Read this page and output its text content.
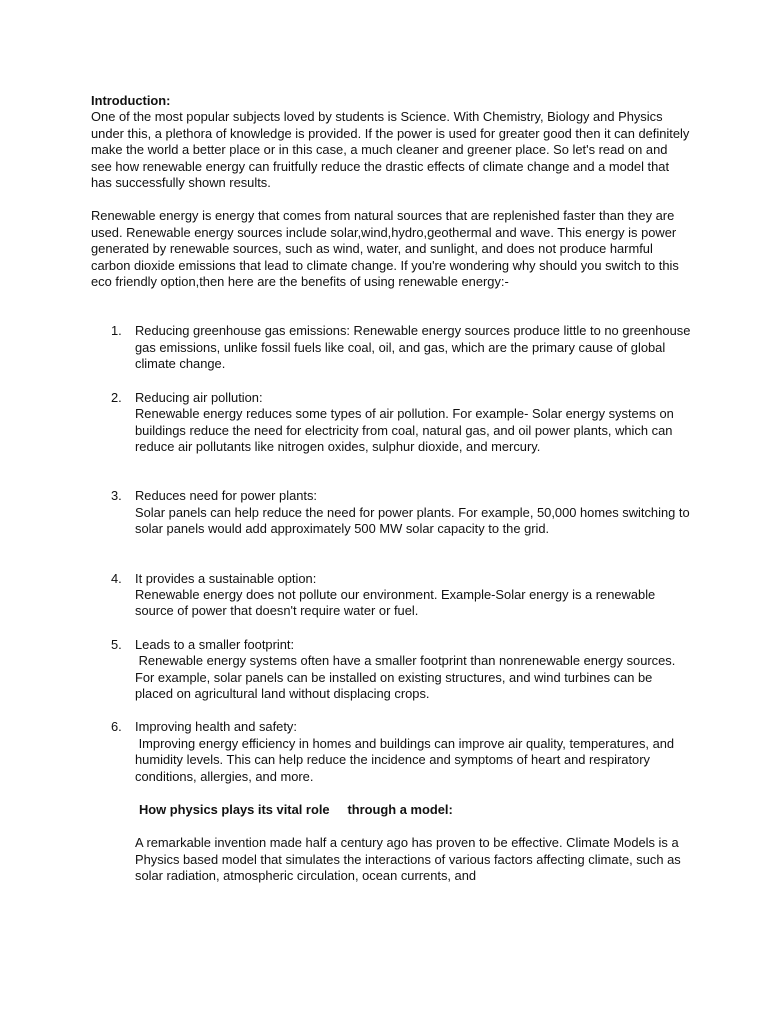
Introduction:

One of the most popular subjects loved by students is Science. With Chemistry, Biology and Physics under this, a plethora of knowledge is provided. If the power is used for greater good then it can definitely make the world a better place or in this case, a much cleaner and greener place. So let's read on and see how renewable energy can fruitfully reduce the drastic effects of climate change and a model that has successfully shown results.

Renewable energy is energy that comes from natural sources that are replenished faster than they are used. Renewable energy sources include solar,wind,hydro,geothermal and wave. This energy is power generated by renewable sources, such as wind, water, and sunlight, and does not produce harmful carbon dioxide emissions that lead to climate change. If you're wondering why should you switch to this eco friendly option,then here are the benefits of using renewable energy:-

1. Reducing greenhouse gas emissions: Renewable energy sources produce little to no greenhouse gas emissions, unlike fossil fuels like coal, oil, and gas, which are the primary cause of global climate change.
2. Reducing air pollution:
Renewable energy reduces some types of air pollution. For example- Solar energy systems on buildings reduce the need for electricity from coal, natural gas, and oil power plants, which can reduce air pollutants like nitrogen oxides, sulphur dioxide, and mercury.
3. Reduces need for power plants:
Solar panels can help reduce the need for power plants. For example, 50,000 homes switching to solar panels would add approximately 500 MW solar capacity to the grid.
4. It provides a sustainable option:
Renewable energy does not pollute our environment. Example-Solar energy is a renewable source of power that doesn't require water or fuel.
5. Leads to a smaller footprint:
Renewable energy systems often have a smaller footprint than nonrenewable energy sources. For example, solar panels can be installed on existing structures, and wind turbines can be placed on agricultural land without displacing crops.
6. Improving health and safety:
Improving energy efficiency in homes and buildings can improve air quality, temperatures, and humidity levels. This can help reduce the incidence and symptoms of heart and respiratory conditions, allergies, and more.

How physics plays its vital role     through a model:

A remarkable invention made half a century ago has proven to be effective. Climate Models is a Physics based model that simulates the interactions of various factors affecting climate, such as solar radiation, atmospheric circulation, ocean currents, and
